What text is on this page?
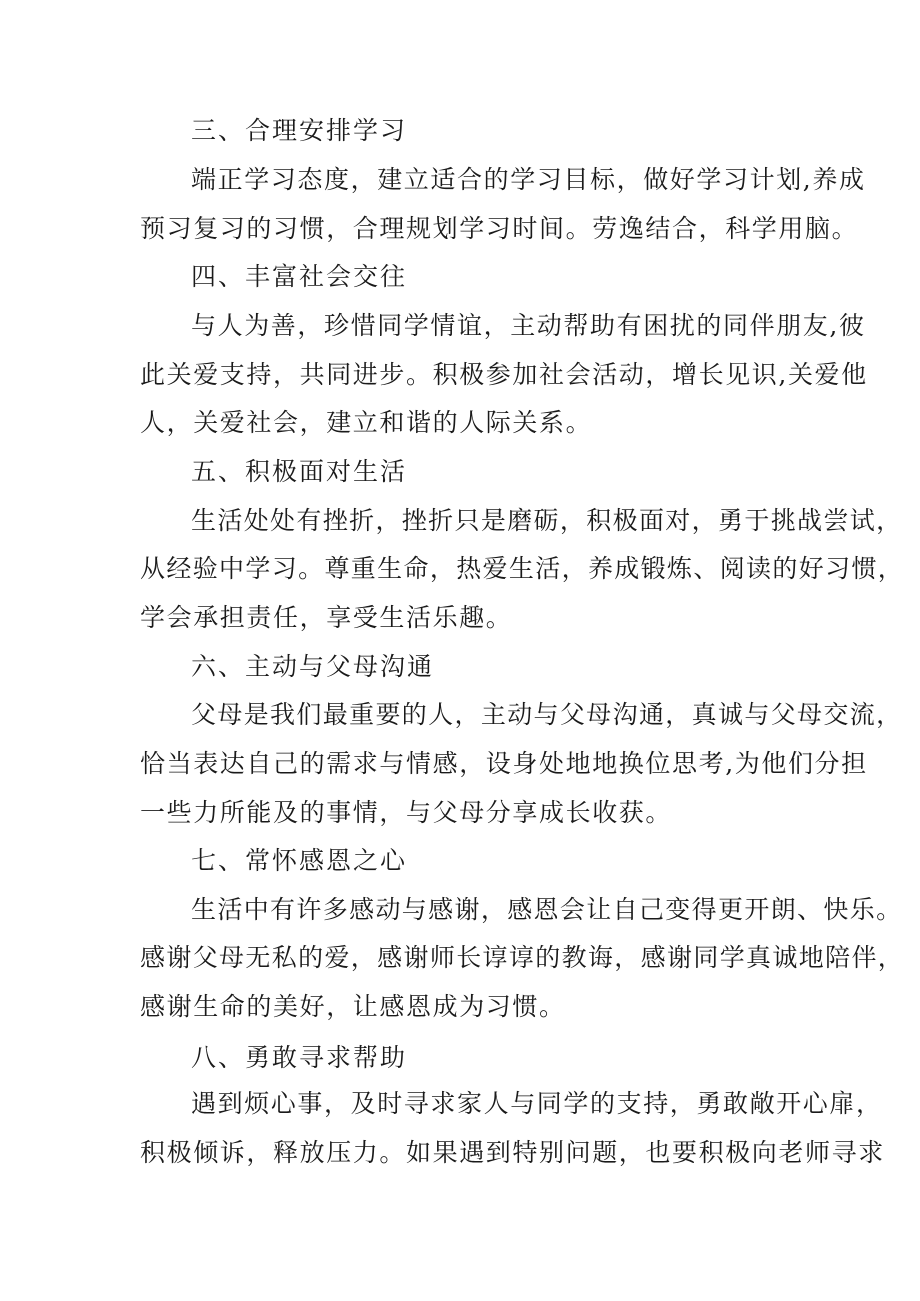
三、合理安排学习
端正学习态度，建立适合的学习目标，做好学习计划,养成
预习复习的习惯，合理规划学习时间。劳逸结合，科学用脑。
四、丰富社会交往
与人为善，珍惜同学情谊，主动帮助有困扰的同伴朋友,彼
此关爱支持，共同进步。积极参加社会活动，增长见识,关爱他
人，关爱社会，建立和谐的人际关系。
五、积极面对生活
生活处处有挫折，挫折只是磨砺，积极面对，勇于挑战尝试，
从经验中学习。尊重生命，热爱生活，养成锻炼、阅读的好习惯，
学会承担责任，享受生活乐趣。
六、主动与父母沟通
父母是我们最重要的人，主动与父母沟通，真诚与父母交流，
恰当表达自己的需求与情感，设身处地地换位思考,为他们分担
一些力所能及的事情，与父母分享成长收获。
七、常怀感恩之心
生活中有许多感动与感谢，感恩会让自己变得更开朗、快乐。
感谢父母无私的爱，感谢师长谆谆的教诲，感谢同学真诚地陪伴，
感谢生命的美好，让感恩成为习惯。
八、勇敢寻求帮助
遇到烦心事，及时寻求家人与同学的支持，勇敢敞开心扉，
积极倾诉，释放压力。如果遇到特别问题，也要积极向老师寻求
